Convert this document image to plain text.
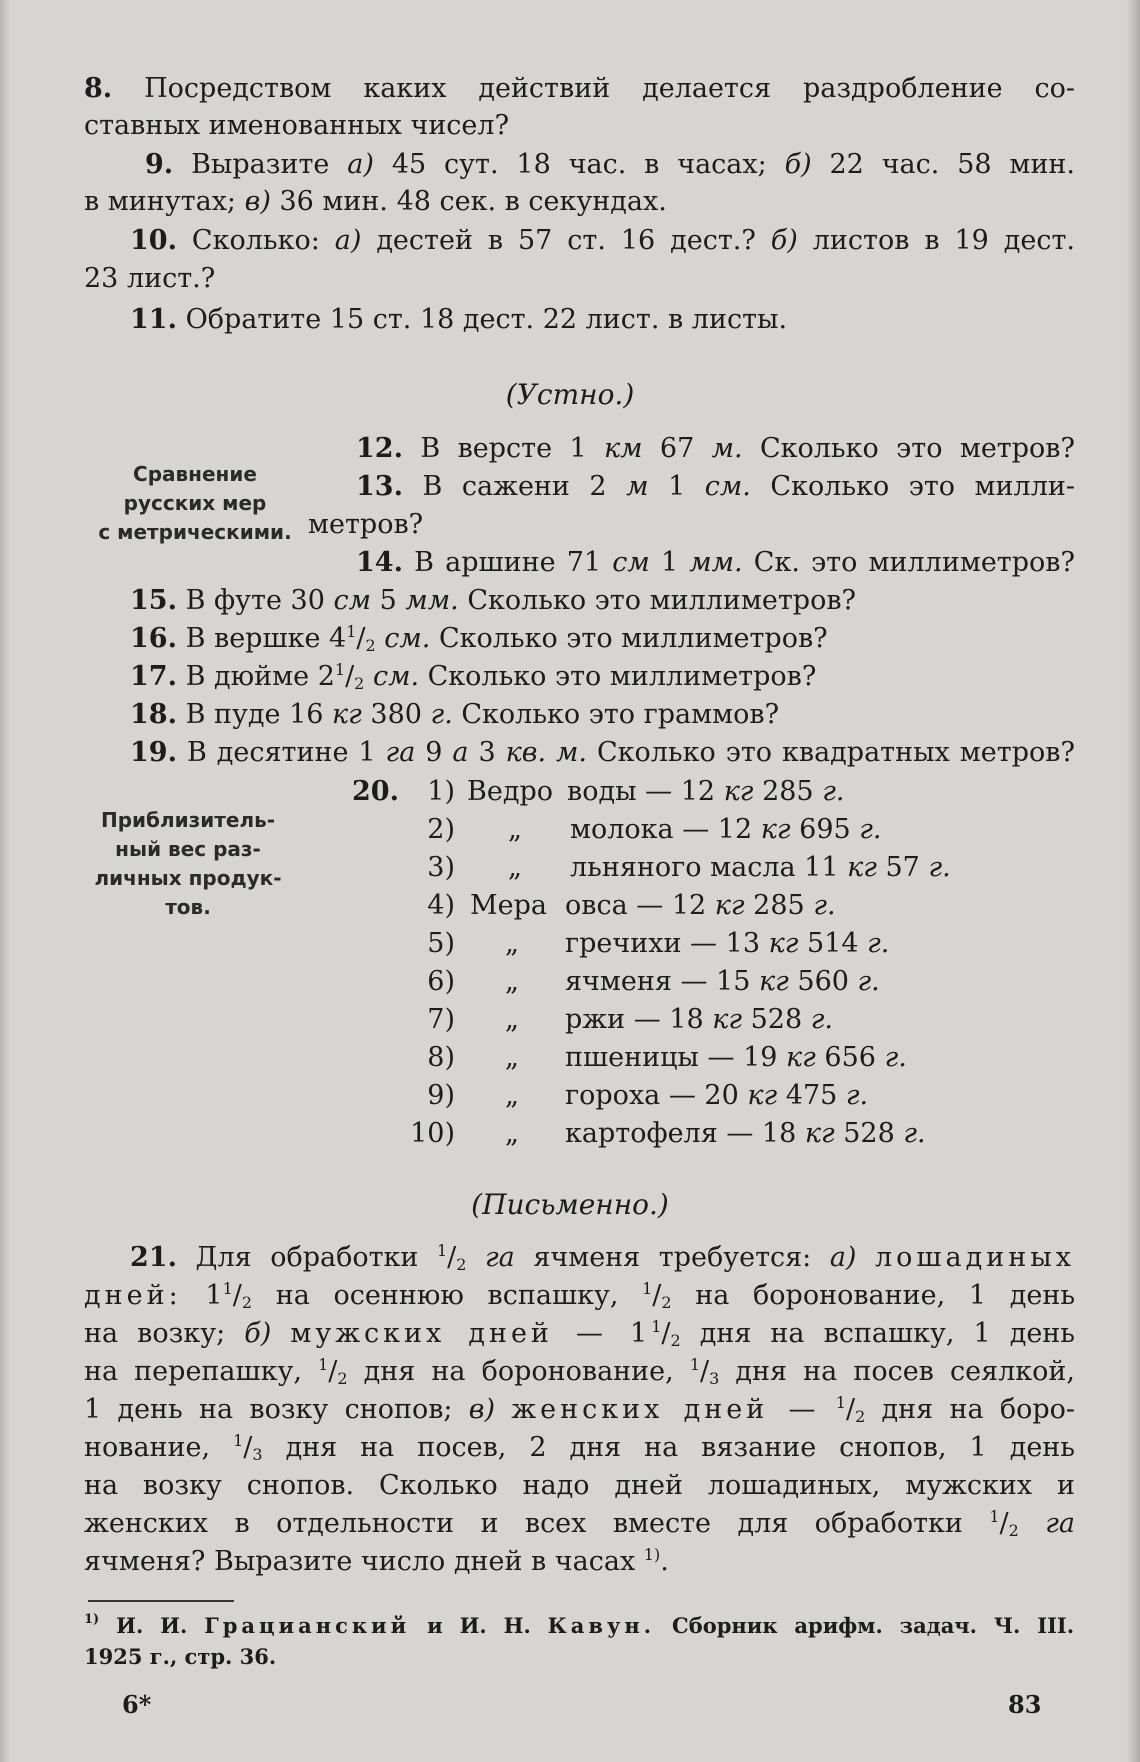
8. Посредством каких действий делается раздробление со-
ставных именованных чисел?
9. Выразите а) 45 сут. 18 час. в часах; б) 22 час. 58 мин.
в минутах; в) 36 мин. 48 сек. в секундах.
10. Сколько: а) дестей в 57 ст. 16 дест.? б) листов в 19 дест.
23 лист.?
11. Обратите 15 ст. 18 дест. 22 лист. в листы.
(Устно.)
Сравнение
русских мер
с метрическими.
12. В версте 1 км 67 м. Сколько это метров?
13. В сажени 2 м 1 см. Сколько это милли-
метров?
14. В аршине 71 см 1 мм. Ск. это миллиметров?
15. В футе 30 см 5 мм. Сколько это миллиметров?
16. В вершке $4^1/_2$ см. Сколько это миллиметров?
17. В дюйме $2^1/_2$ см. Сколько это миллиметров?
18. В пуде 16 кг 380 г. Сколько это граммов?
19. В десятине 1 га 9 а 3 кв. м. Сколько это квадратных метров?
Приблизитель-
ный вес раз-
личных продук-
тов.
20.	1) Ведро воды — 12 кг 285 г.
2) „ молока — 12 кг 695 г.
3) „ льняного масла 11 кг 57 г.
4) Мера овса — 12 кг 285 г.
5) „ гречихи — 13 кг 514 г.
6) „ ячменя — 15 кг 560 г.
7) „ ржи — 18 кг 528 г.
8) „ пшеницы — 19 кг 656 г.
9) „ гороха — 20 кг 475 г.
10) „ картофеля — 18 кг 528 г.
(Письменно.)
21. Для обработки $^1/_2$ га ячменя требуется: а) лошадиных
дней: $1^1/_2$ на осеннюю вспашку, $^1/_2$ на боронование, 1 день
на возку; б) мужских дней — $1^1/_2$ дня на вспашку, 1 день
на перепашку, $^1/_2$ дня на боронование, $^1/_3$ дня на посев сеялкой,
1 день на возку снопов; в) женских дней — $^1/_2$ дня на боро-
нование, $^1/_3$ дня на посев, 2 дня на вязание снопов, 1 день
на возку снопов. Сколько надо дней лошадиных, мужских и
женских в отдельности и всех вместе для обработки $^1/_2$ га
ячменя? Выразите число дней в часах $^{1)}$.
$^{1)}$ И. И. Грацианский и И. Н. Кавун. Сборник арифм. задач. Ч. III.
1925 г., стр. 36.
6*	83
